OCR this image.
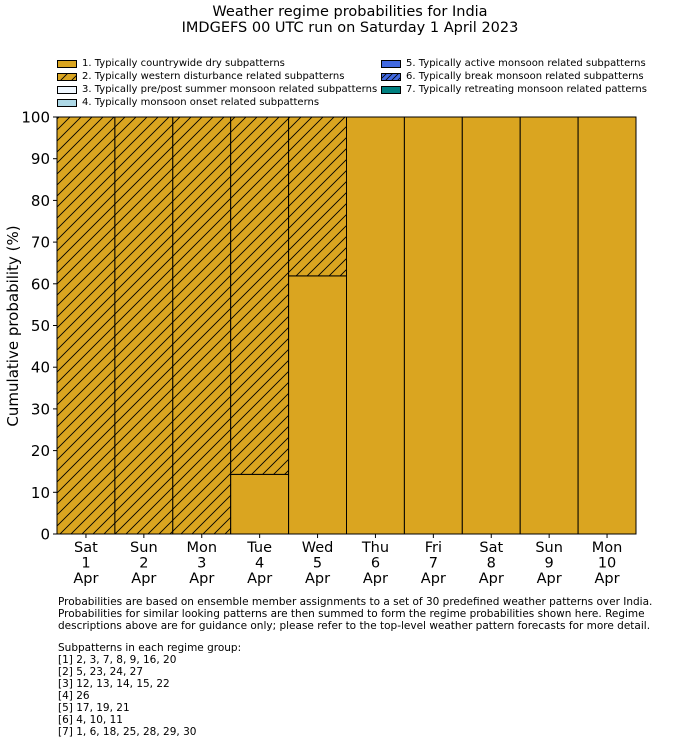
Weather regime probabilities for India
IMDGEFS 00 UTC run on Saturday 1 April 2023
1. Typically countrywide dry subpatterns
2. Typically western disturbance related subpatterns
3. Typically pre/post summer monsoon related subpatterns
4. Typically monsoon onset related subpatterns
5. Typically active monsoon related subpatterns
6. Typically break monsoon related subpatterns
7. Typically retreating monsoon related patterns
0
10
20
30
40
50
60
70
80
90
100
Sat 1 Apr
Sun 2 Apr
Mon 3 Apr
Tue 4 Apr
Wed 5 Apr
Thu 6 Apr
Fri 7 Apr
Sat 8 Apr
Sun 9 Apr
Mon 10 Apr
Cumulative probability (%)
Probabilities are based on ensemble member assignments to a set of 30 predefined weather patterns over India.
Probabilities for similar looking patterns are then summed to form the regime probabilities shown here. Regime
descriptions above are for guidance only; please refer to the top-level weather pattern forecasts for more detail.
Subpatterns in each regime group:
[1] 2, 3, 7, 8, 9, 16, 20
[2] 5, 23, 24, 27
[3] 12, 13, 14, 15, 22
[4] 26
[5] 17, 19, 21
[6] 4, 10, 11
[7] 1, 6, 18, 25, 28, 29, 30
